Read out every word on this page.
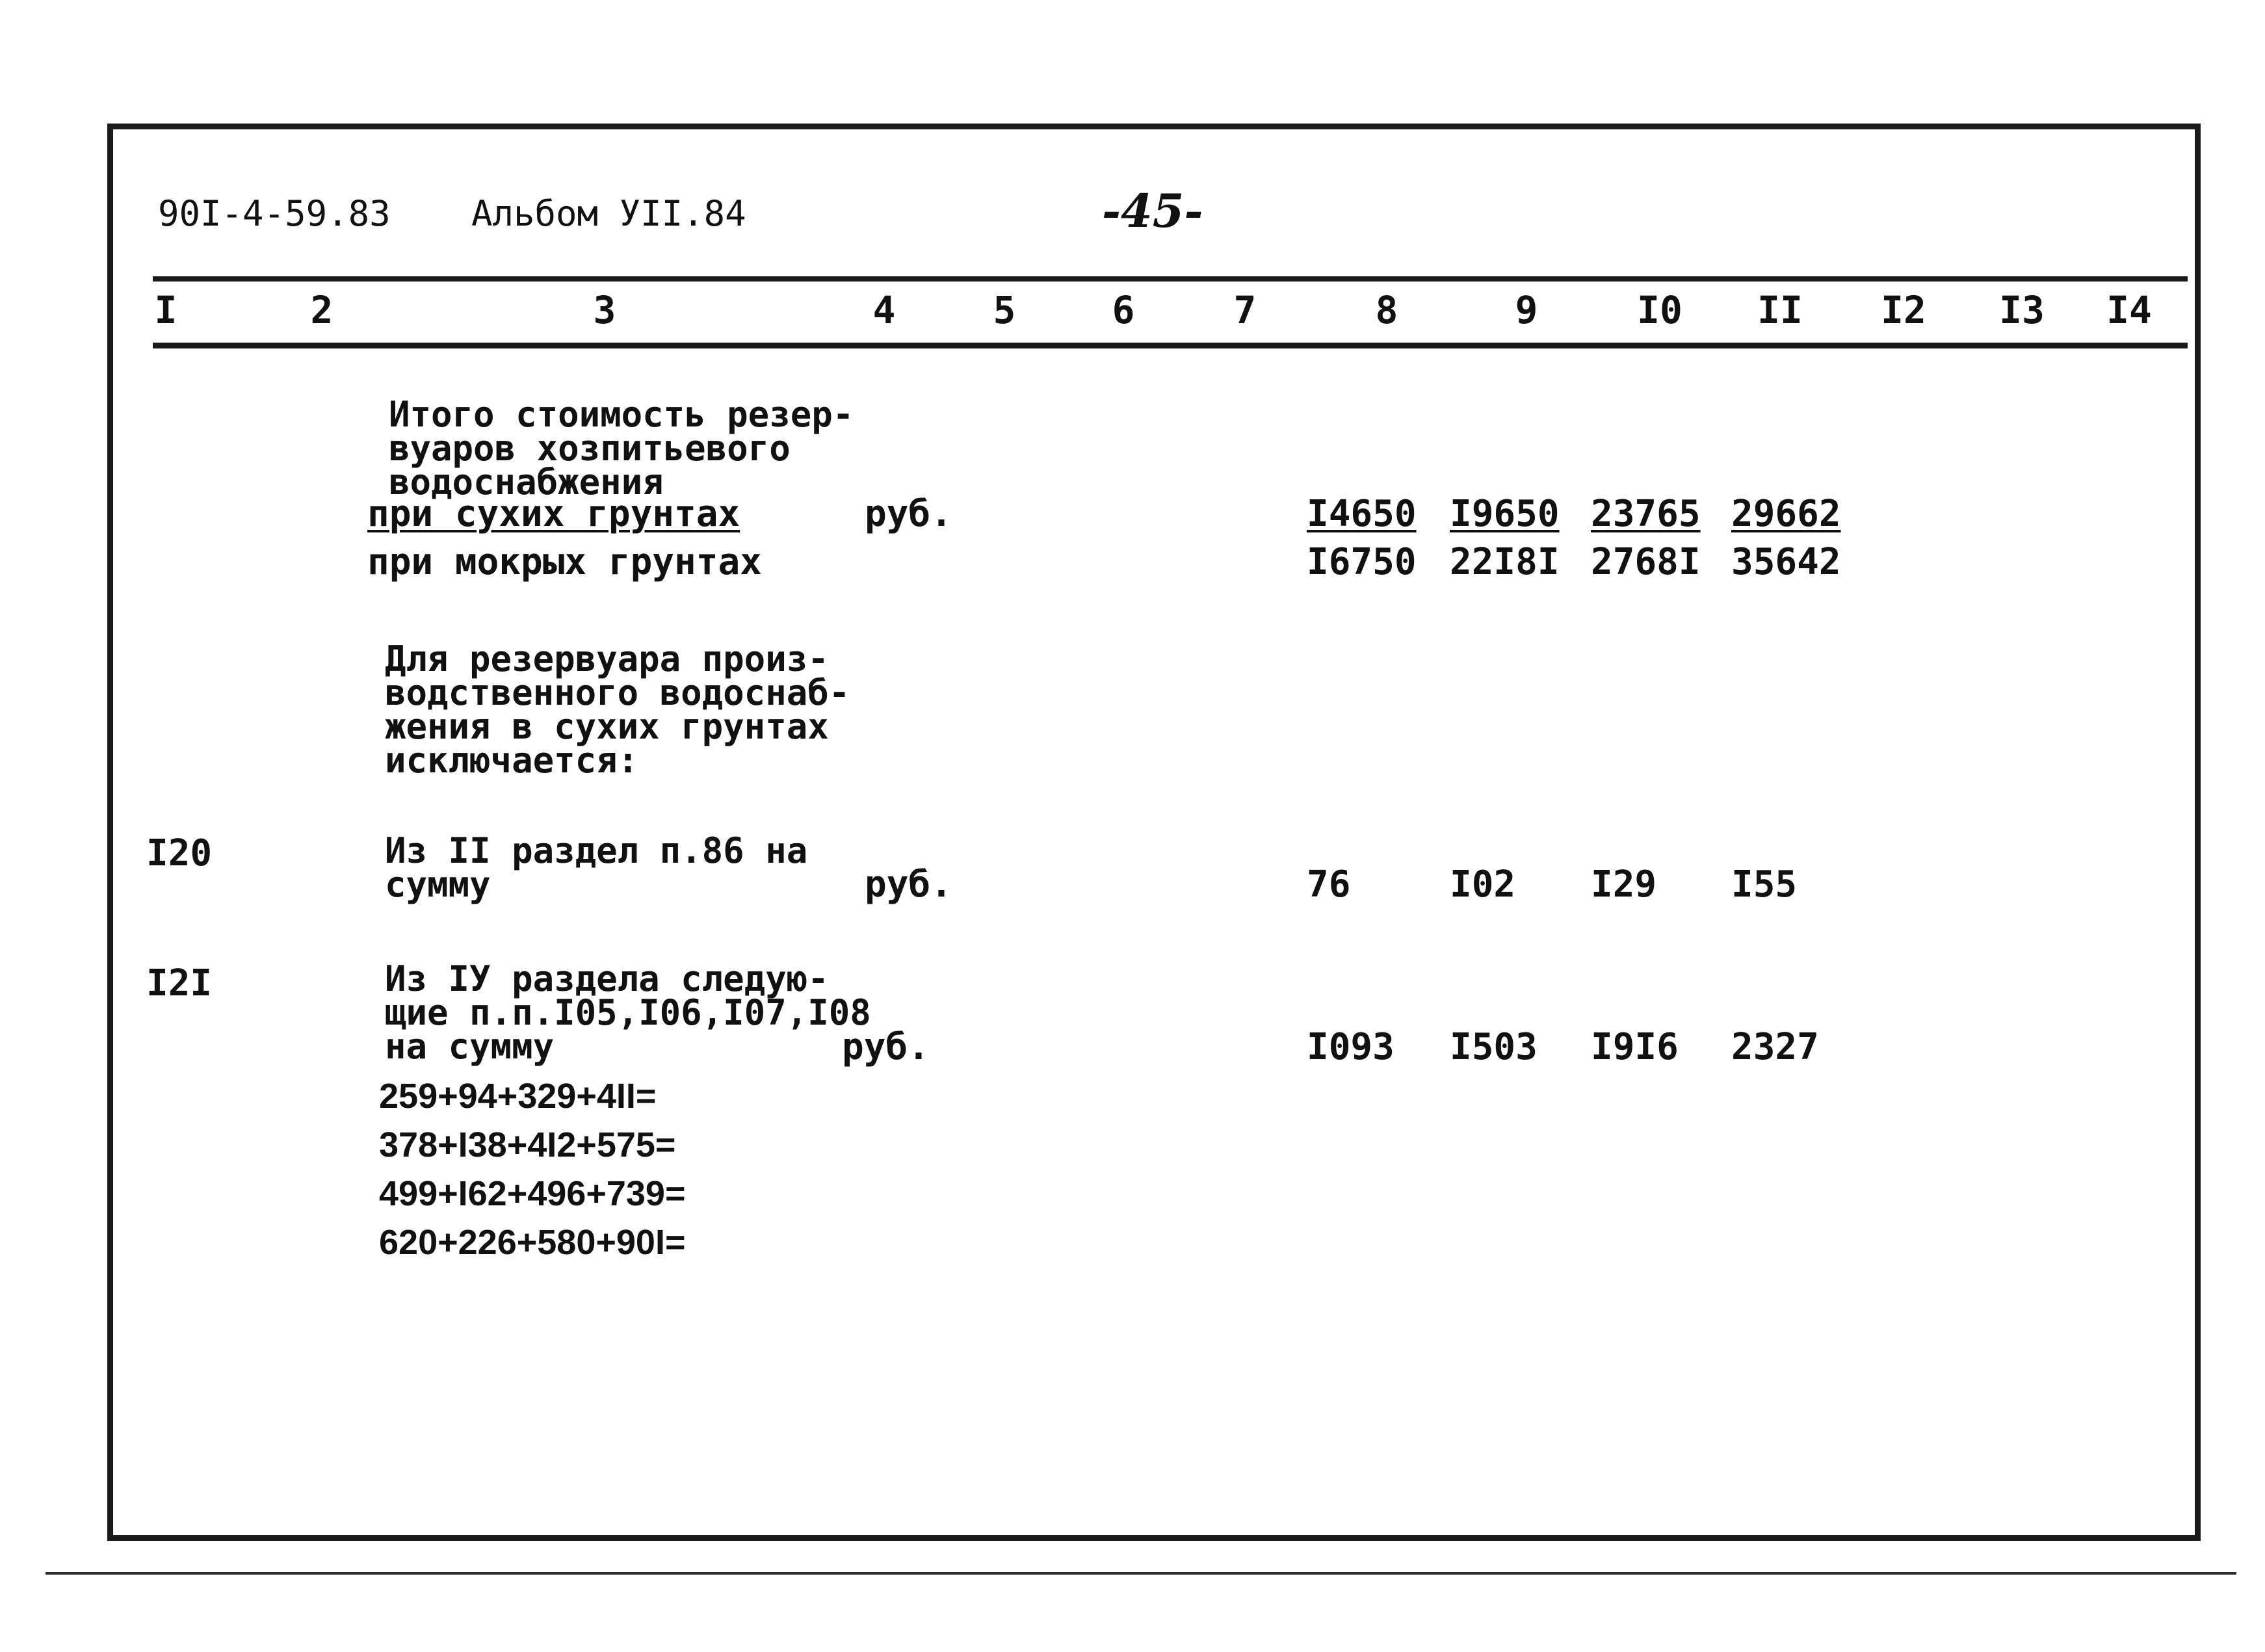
90I-4-59.83 Альбом УII.84	-45-
I	2	3	4	5	6	7	8	9	I0	II	I2	I3	I4
Итого стоимость резер-
вуаров хозпитьевого
водоснабжения
при сухих грунтах	руб.	I4650 I9650 23765 29662
при мокрых грунтах	I6750 22I8I 2768I 35642
Для резервуара произ-
водственного водоснаб-
жения в сухих грунтах
исключается:
I20	Из II раздел п.86 на
сумму	руб.	76	I02 I29 I55
I2I	Из IУ раздела следую-
щие п.п.I05,I06,I07,I08
на сумму	руб.	I093 I503 I9I6 2327
259+94+329+4II=
378+I38+4I2+575=
499+I62+496+739=
620+226+580+90I=
